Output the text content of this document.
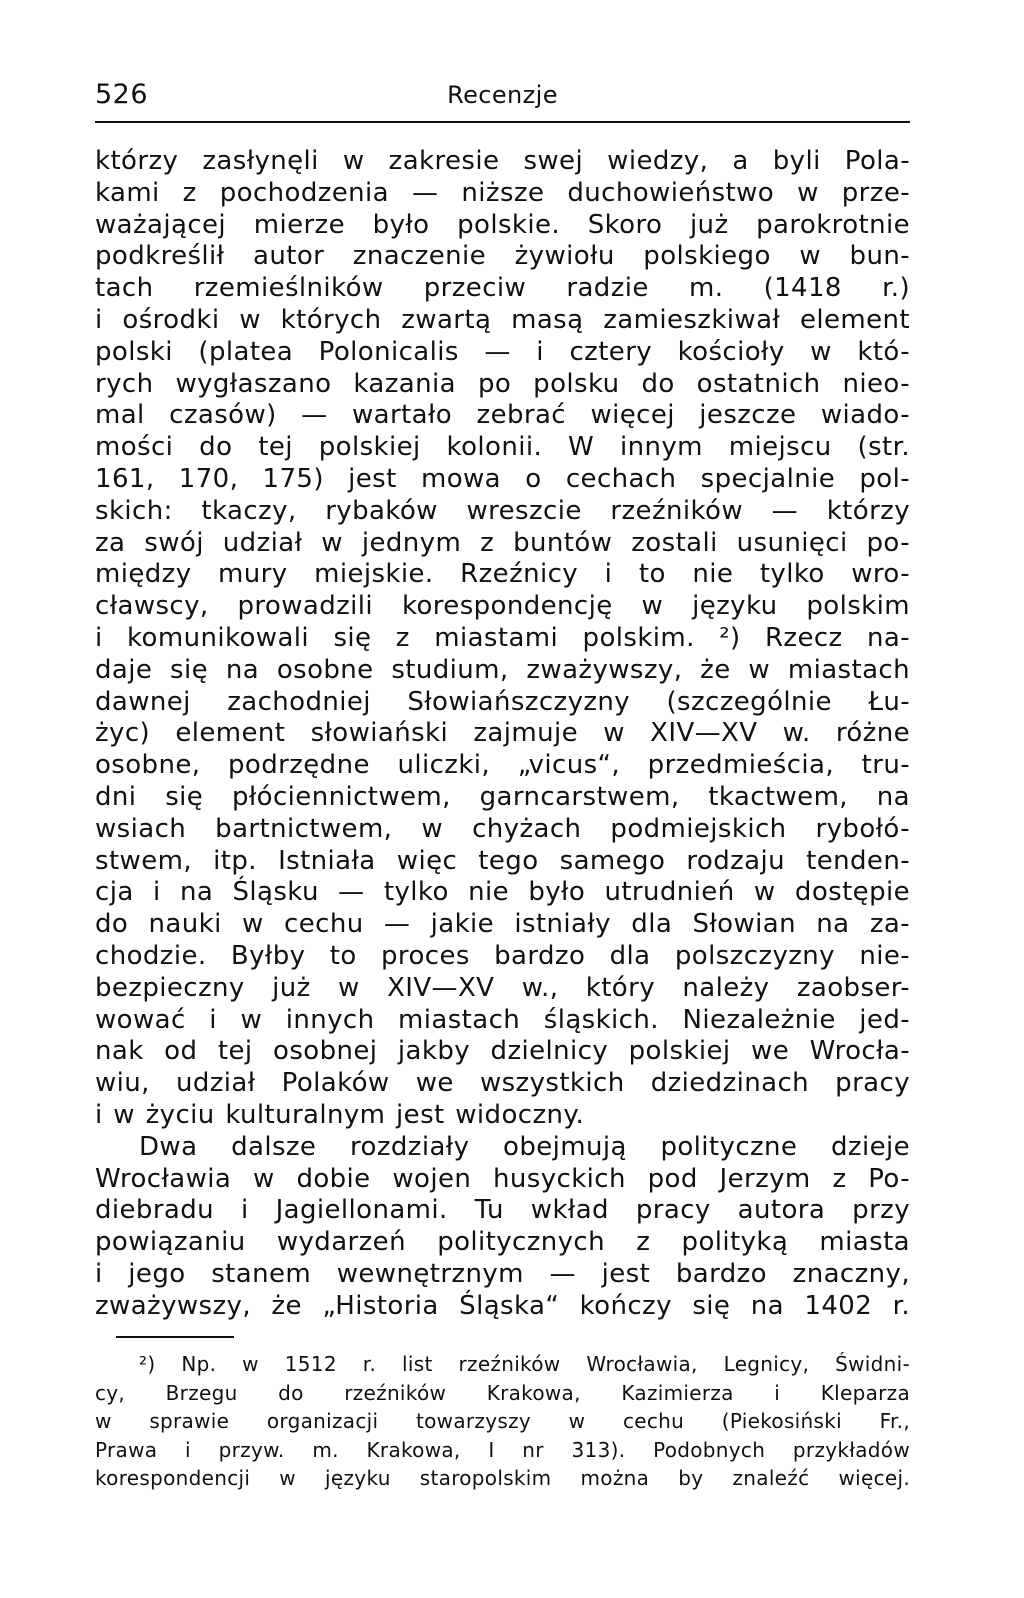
526	Recenzje
którzy zasłynęli w zakresie swej wiedzy, a byli Pola-
kami z pochodzenia — niższe duchowieństwo w prze-
ważającej mierze było polskie. Skoro już parokrotnie
podkreślił autor znaczenie żywiołu polskiego w bun-
tach rzemieślników przeciw radzie m. (1418 r.)
i ośrodki w których zwartą masą zamieszkiwał element
polski (platea Polonicalis — i cztery kościoły w któ-
rych wygłaszano kazania po polsku do ostatnich nieo-
mal czasów) — wartało zebrać więcej jeszcze wiado-
mości do tej polskiej kolonii. W innym miejscu (str.
161, 170, 175) jest mowa o cechach specjalnie pol-
skich: tkaczy, rybaków wreszcie rzeźników — którzy
za swój udział w jednym z buntów zostali usunięci po-
między mury miejskie. Rzeźnicy i to nie tylko wro-
cławscy, prowadzili korespondencję w języku polskim
i komunikowali się z miastami polskim. ²) Rzecz na-
daje się na osobne studium, zważywszy, że w miastach
dawnej zachodniej Słowiańszczyzny (szczególnie Łu-
życ) element słowiański zajmuje w XIV—XV w. różne
osobne, podrzędne uliczki, „vicus“, przedmieścia, tru-
dni się płóciennictwem, garncarstwem, tkactwem, na
wsiach bartnictwem, w chyżach podmiejskich rybołó-
stwem, itp. Istniała więc tego samego rodzaju tenden-
cja i na Śląsku — tylko nie było utrudnień w dostępie
do nauki w cechu — jakie istniały dla Słowian na za-
chodzie. Byłby to proces bardzo dla polszczyzny nie-
bezpieczny już w XIV—XV w., który należy zaobser-
wować i w innych miastach śląskich. Niezależnie jed-
nak od tej osobnej jakby dzielnicy polskiej we Wrocła-
wiu, udział Polaków we wszystkich dziedzinach pracy
i w życiu kulturalnym jest widoczny.
Dwa dalsze rozdziały obejmują polityczne dzieje
Wrocławia w dobie wojen husyckich pod Jerzym z Po-
diebradu i Jagiellonami. Tu wkład pracy autora przy
powiązaniu wydarzeń politycznych z polityką miasta
i jego stanem wewnętrznym — jest bardzo znaczny,
zważywszy, że „Historia Śląska“ kończy się na 1402 r.
²) Np. w 1512 r. list rzeźników Wrocławia, Legnicy, Świdni-
cy, Brzegu do rzeźników Krakowa, Kazimierza i Kleparza
w sprawie organizacji towarzyszy w cechu (Piekosiński Fr.,
Prawa i przyw. m. Krakowa, I nr 313). Podobnych przykładów
korespondencji w języku staropolskim można by znaleźć więcej.
